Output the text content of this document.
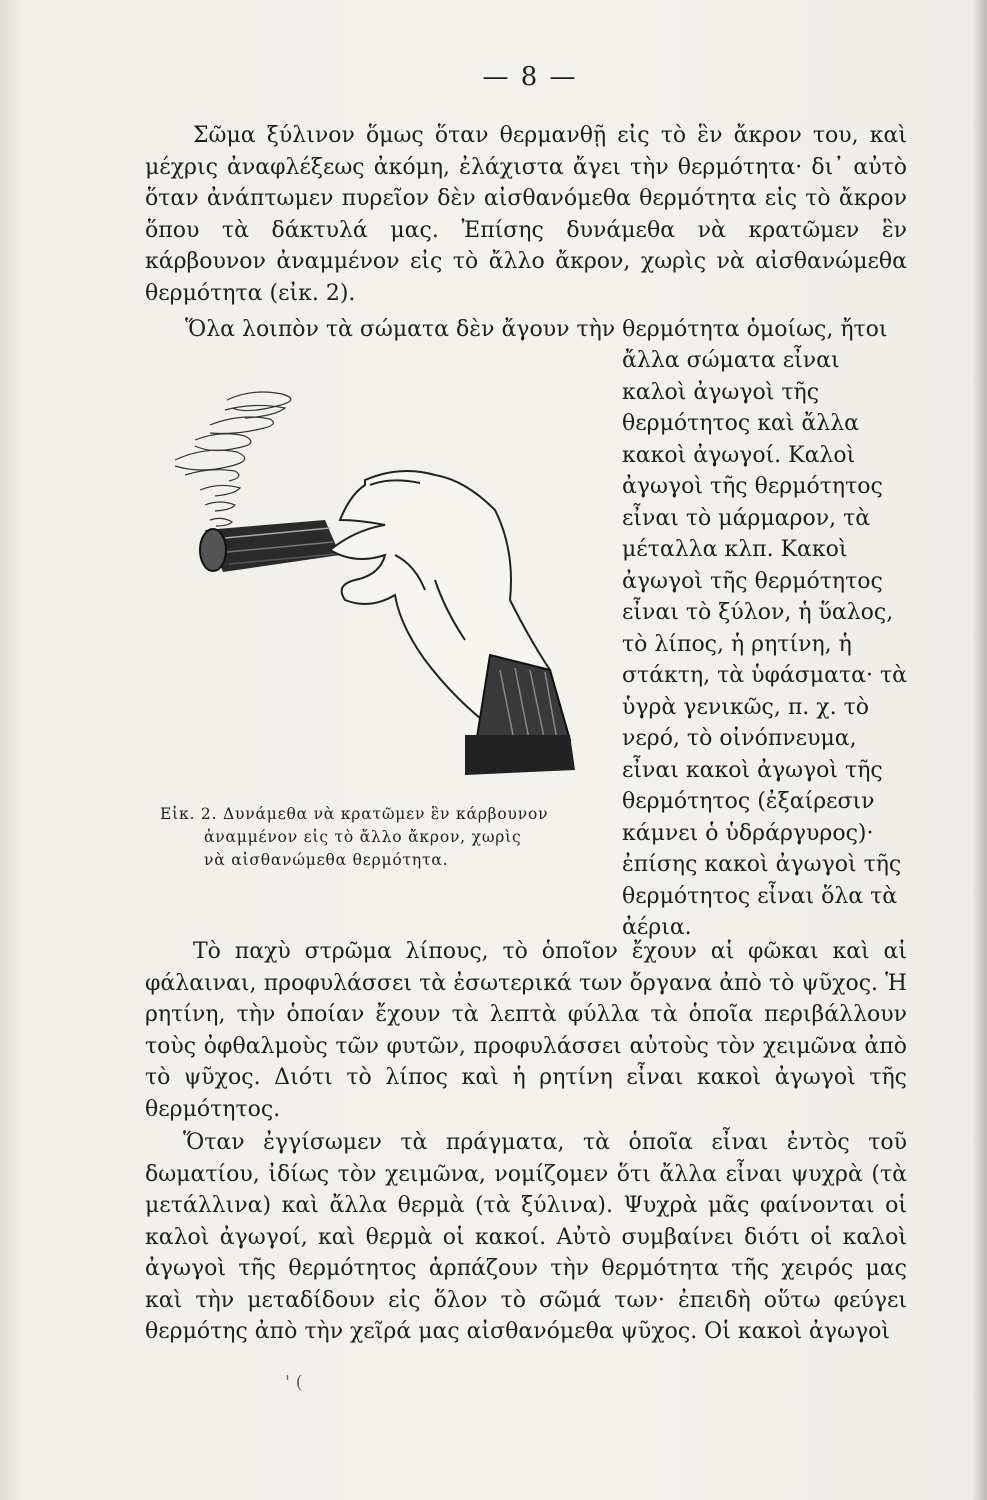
— 8 —

Σῶμα ξύλινον ὅμως ὅταν θερμανθῇ εἰς τὸ ἓν ἄκρον του, καὶ μέχρις ἀναφλέξεως ἀκόμη, ἐλάχιστα ἄγει τὴν θερμότητα· δι᾽ αὐτὸ ὅταν ἀνάπτωμεν πυρεῖον δὲν αἰσθανόμεθα θερμότητα εἰς τὸ ἄκρον ὅπου τὰ δάκτυλά μας. Ἐπίσης δυνάμεθα νὰ κρατῶμεν ἓν κάρβουνον ἀναμμένον εἰς τὸ ἄλλο ἄκρον, χωρὶς νὰ αἰσθανώμεθα θερμότητα (εἰκ. 2).

Ὅλα λοιπὸν τὰ σώματα δὲν ἄγουν τὴν θερμότητα ὁμοίως, ἤτοι

Εἰκ. 2. Δυνάμεθα νὰ κρατῶμεν ἓν κάρβουνον
ἀναμμένον εἰς τὸ ἄλλο ἄκρον, χωρὶς
νὰ αἰσθανώμεθα θερμότητα.

ἄλλα σώματα εἶναι καλοὶ ἀγωγοὶ τῆς θερμότητος καὶ ἄλλα κακοὶ ἀγωγοί. Καλοὶ ἀγωγοὶ τῆς θερμότητος εἶναι τὸ μάρμαρον, τὰ μέταλλα κλπ. Κακοὶ ἀγωγοὶ τῆς θερμότητος εἶναι τὸ ξύλον, ἡ ὕαλος, τὸ λίπος, ἡ ρητίνη, ἡ στάκτη, τὰ ὑφάσματα· τὰ ὑγρὰ γενικῶς, π. χ. τὸ νερό, τὸ οἰνόπνευμα, εἶναι κακοὶ ἀγωγοὶ τῆς θερμότητος (ἐξαίρεσιν κάμνει ὁ ὑδράργυρος)· ἐπίσης κακοὶ ἀγωγοὶ τῆς θερμότητος εἶναι ὅλα τὰ ἀέρια.

Τὸ παχὺ στρῶμα λίπους, τὸ ὁποῖον ἔχουν αἱ φῶκαι καὶ αἱ φάλαιναι, προφυλάσσει τὰ ἐσωτερικά των ὄργανα ἀπὸ τὸ ψῦχος. Ἡ ρητίνη, τὴν ὁποίαν ἔχουν τὰ λεπτὰ φύλλα τὰ ὁποῖα περιβάλλουν τοὺς ὀφθαλμοὺς τῶν φυτῶν, προφυλάσσει αὐτοὺς τὸν χειμῶνα ἀπὸ τὸ ψῦχος. Διότι τὸ λίπος καὶ ἡ ρητίνη εἶναι κακοὶ ἀγωγοὶ τῆς θερμότητος.

Ὅταν ἐγγίσωμεν τὰ πράγματα, τὰ ὁποῖα εἶναι ἐντὸς τοῦ δωματίου, ἰδίως τὸν χειμῶνα, νομίζομεν ὅτι ἄλλα εἶναι ψυχρὰ (τὰ μετάλλινα) καὶ ἄλλα θερμὰ (τὰ ξύλινα). Ψυχρὰ μᾶς φαίνονται οἱ καλοὶ ἀγωγοί, καὶ θερμὰ οἱ κακοί. Αὐτὸ συμβαίνει διότι οἱ καλοὶ ἀγωγοὶ τῆς θερμότητος ἁρπάζουν τὴν θερμότητα τῆς χειρός μας καὶ τὴν μεταδίδουν εἰς ὅλον τὸ σῶμά των· ἐπειδὴ οὕτω φεύγει θερμότης ἀπὸ τὴν χεῖρά μας αἰσθανόμεθα ψῦχος. Οἱ κακοὶ ἀγωγοὶ

' (
